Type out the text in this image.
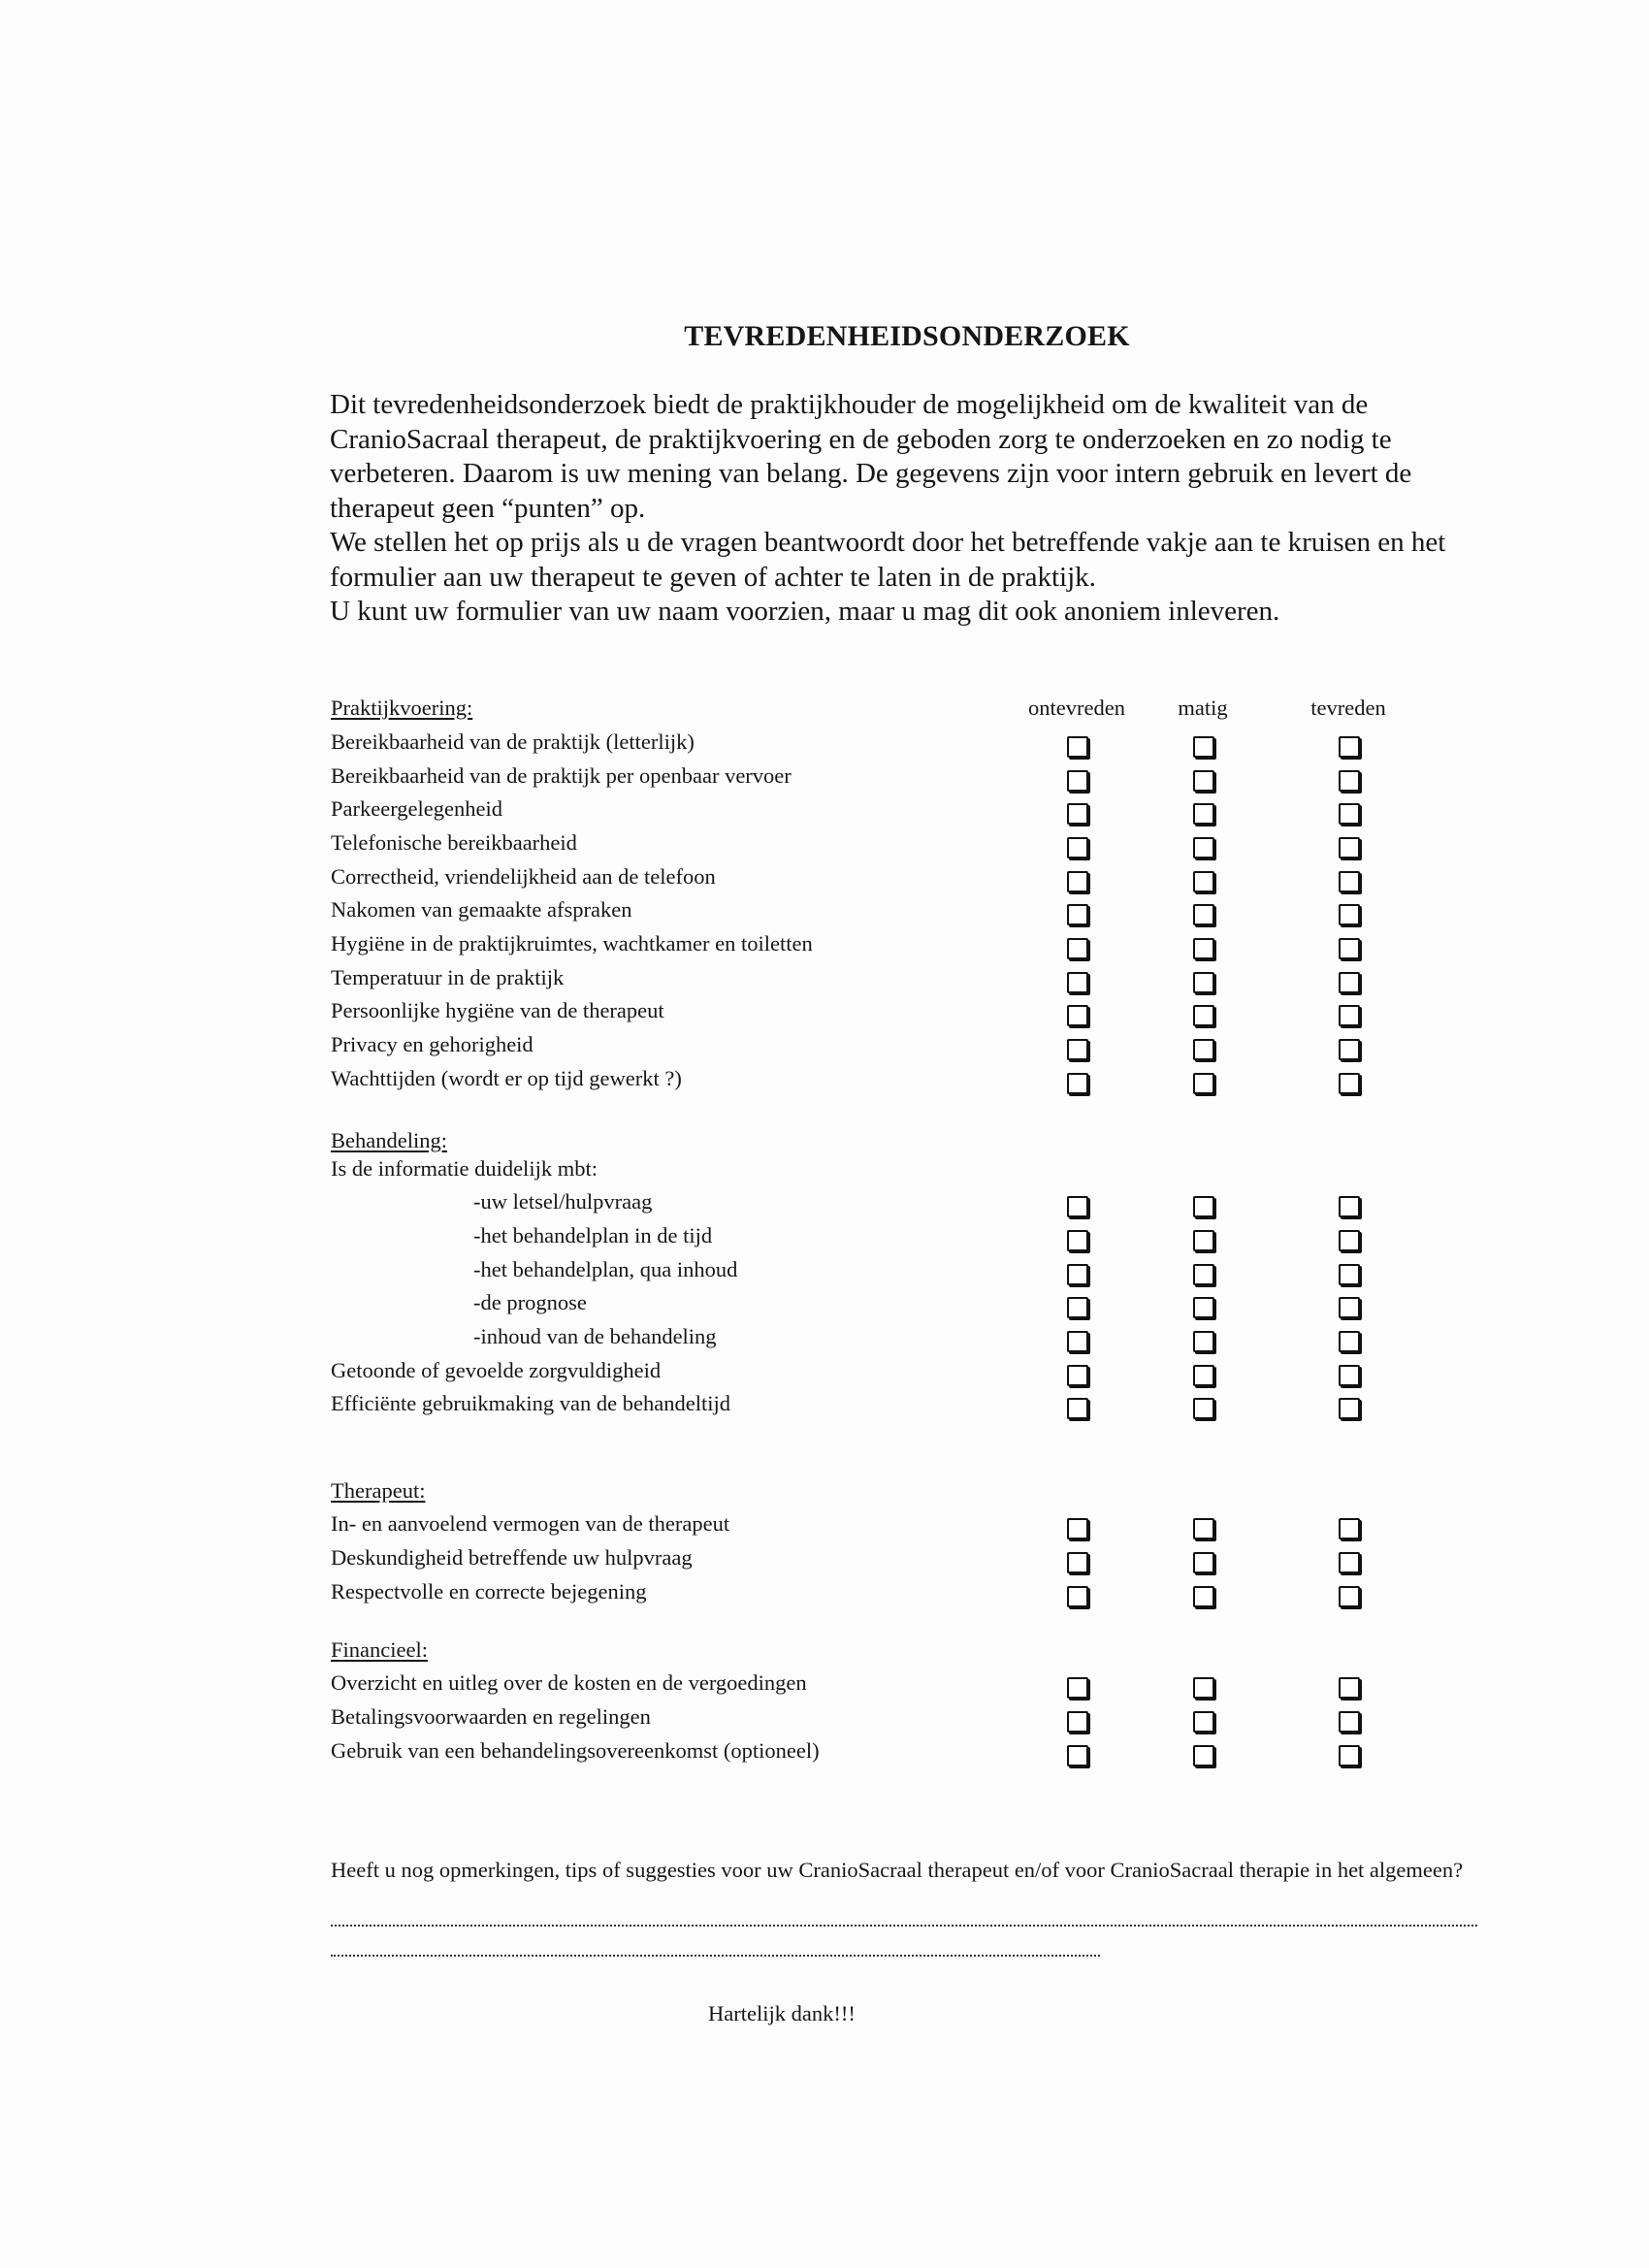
TEVREDENHEIDSONDERZOEK

Dit tevredenheidsonderzoek biedt de praktijkhouder de mogelijkheid om de kwaliteit van de CranioSacraal therapeut, de praktijkvoering en de geboden zorg te onderzoeken en zo nodig te verbeteren. Daarom is uw mening van belang. De gegevens zijn voor intern gebruik en levert de therapeut geen “punten” op.

We stellen het op prijs als u de vragen beantwoordt door het betreffende vakje aan te kruisen en het formulier aan uw therapeut te geven of achter te laten in de praktijk.

U kunt uw formulier van uw naam voorzien, maar u mag dit ook anoniem inleveren.

ontevreden	matig	tevreden
Praktijkvoering:
Bereikbaarheid van de praktijk (letterlijk)
Bereikbaarheid van de praktijk per openbaar vervoer
Parkeergelegenheid
Telefonische bereikbaarheid
Correctheid, vriendelijkheid aan de telefoon
Nakomen van gemaakte afspraken
Hygiëne in de praktijkruimtes, wachtkamer en toiletten
Temperatuur in de praktijk
Persoonlijke hygiëne van de therapeut
Privacy en gehorigheid
Wachttijden (wordt er op tijd gewerkt ?)
-uw letsel/hulpvraag
-het behandelplan in de tijd
-het behandelplan, qua inhoud
-de prognose
-inhoud van de behandeling
Getoonde of gevoelde zorgvuldigheid
Efficiënte gebruikmaking van de behandeltijd
In- en aanvoelend vermogen van de therapeut
Deskundigheid betreffende uw hulpvraag
Respectvolle en correcte bejegening
Overzicht en uitleg over de kosten en de vergoedingen
Betalingsvoorwaarden en regelingen
Gebruik van een behandelingsovereenkomst (optioneel)
Behandeling:
Is de informatie duidelijk mbt:
Therapeut:
Financieel:
Heeft u nog opmerkingen, tips of suggesties voor uw CranioSacraal therapeut en/of voor CranioSacraal therapie in het algemeen?
Hartelijk dank!!!
